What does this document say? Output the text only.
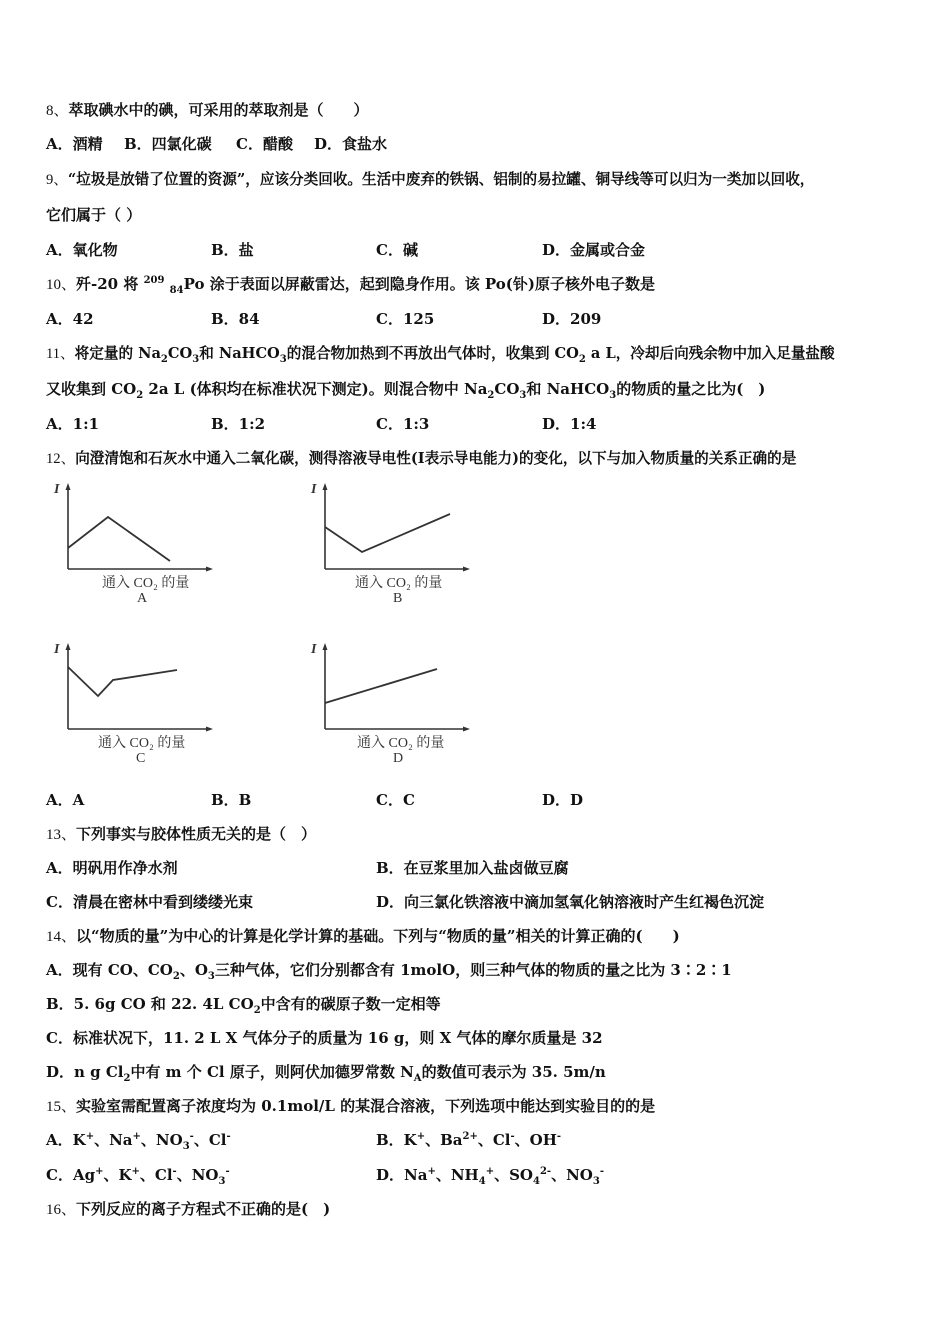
8、萃取碘水中的碘，可采用的萃取剂是（　　）
A．酒精 B．四氯化碳 C．醋酸 D．食盐水
9、“垃圾是放错了位置的资源”，应该分类回收。生活中废弃的铁锅、铝制的易拉罐、铜导线等可以归为一类加以回收，
它们属于（ ）
A．氧化物	B．盐	C．碱	D．金属或合金
10、歼-20 将 $^{209}$ $_{84}$Po 涂于表面以屏蔽雷达，起到隐身作用。该 Po(钋)原子核外电子数是
A．42	B．84	C．125	D．209
11、将定量的 $Na_2CO_3$和 NaHCO$_3$的混合物加热到不再放出气体时，收集到 $CO_2$ a L，冷却后向残余物中加入足量盐酸
又收集到 $CO_2$ 2a L (体积均在标准状况下测定)。则混合物中 $Na_2CO_3$和 NaHCO$_3$的物质的量之比为(　)
A．1:1	B．1:2	C．1:3	D．1:4
12、向澄清饱和石灰水中通入二氧化碳，测得溶液导电性(I表示导电能力)的变化，以下与加入物质量的关系正确的是
I
通入 CO₂ 的量
A
I
通入 CO₂ 的量
B
I
通入 CO₂ 的量
C
I
通入 CO₂ 的量
D
A．A	B．B	C．C	D．D
13、下列事实与胶体性质无关的是（　）
A．明矾用作净水剂	B．在豆浆里加入盐卤做豆腐
C．清晨在密林中看到缕缕光束	D．向三氯化铁溶液中滴加氢氧化钠溶液时产生红褐色沉淀
14、以“物质的量”为中心的计算是化学计算的基础。下列与“物质的量”相关的计算正确的(　　)
A．现有 CO、$CO_2$、$O_3$三种气体，它们分别都含有 1molO，则三种气体的物质的量之比为 3∶2∶1
B．5. 6g CO 和 22. 4L $CO_2$中含有的碳原子数一定相等
C．标准状况下，11. 2 L X 气体分子的质量为 16 g，则 X 气体的摩尔质量是 32
D．n g $Cl_2$中有 m 个 Cl 原子，则阿伏加德罗常数 $N_A$的数值可表示为 35. 5m/n
15、实验室需配置离子浓度均为 0.1mol/L 的某混合溶液，下列选项中能达到实验目的的是
A．K+、Na+、$NO_3^-$、Cl-	B．K+、$Ba^{2+}$、Cl-、OH-
C．Ag+、K+、Cl-、$NO_3^-$	D．Na+、$NH_4^+$、$SO_4^{2-}$、$NO_3^-$
16、下列反应的离子方程式不正确的是(　)
